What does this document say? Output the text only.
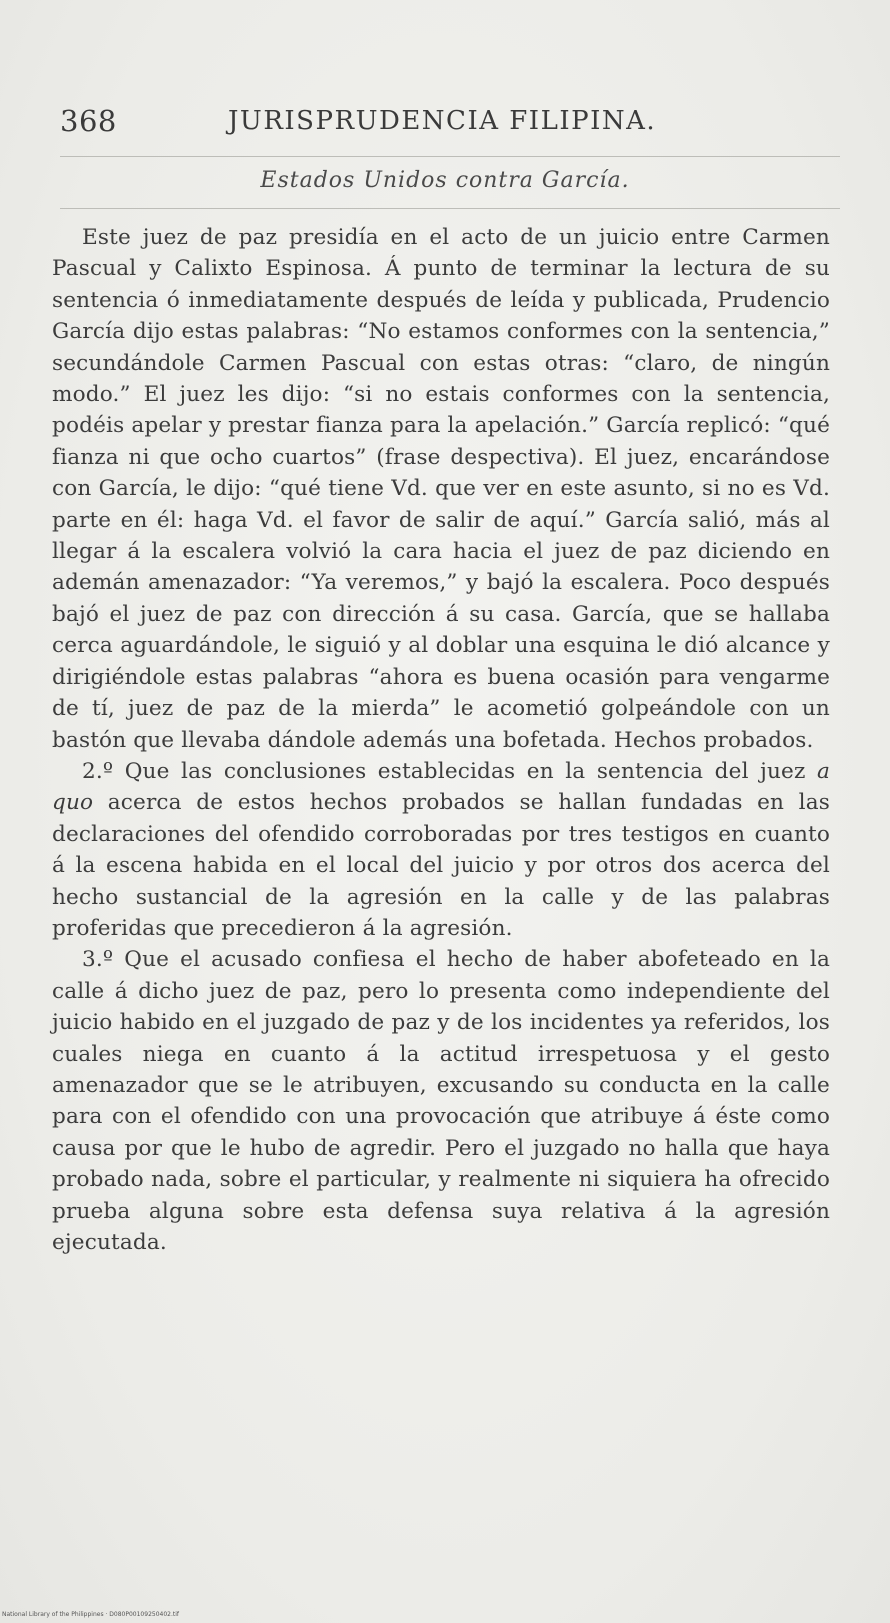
368	JURISPRUDENCIA FILIPINA.
Estados Unidos contra García.

Este juez de paz presidía en el acto de un juicio entre Carmen Pascual y Calixto Espinosa. Á punto de terminar la lectura de su sentencia ó inmediatamente después de leída y publicada, Prudencio García dijo estas palabras: “No estamos conformes con la sentencia,” secundándole Carmen Pascual con estas otras: “claro, de ningún modo.” El juez les dijo: “si no estais conformes con la sentencia, podéis apelar y prestar fianza para la apelación.” García replicó: “qué fianza ni que ocho cuartos” (frase despectiva). El juez, encarándose con García, le dijo: “qué tiene Vd. que ver en este asunto, si no es Vd. parte en él: haga Vd. el favor de salir de aquí.” García salió, más al llegar á la escalera volvió la cara hacia el juez de paz diciendo en ademán amenazador: “Ya veremos,” y bajó la escalera. Poco después bajó el juez de paz con dirección á su casa. García, que se hallaba cerca aguardándole, le siguió y al doblar una esquina le dió alcance y dirigiéndole estas palabras “ahora es buena ocasión para vengarme de tí, juez de paz de la mierda” le acometió golpeándole con un bastón que llevaba dándole además una bofetada. Hechos probados.

2.º Que las conclusiones establecidas en la sentencia del juez a quo acerca de estos hechos probados se hallan fundadas en las declaraciones del ofendido corroboradas por tres testigos en cuanto á la escena habida en el local del juicio y por otros dos acerca del hecho sustancial de la agresión en la calle y de las palabras proferidas que precedieron á la agresión.

3.º Que el acusado confiesa el hecho de haber abofeteado en la calle á dicho juez de paz, pero lo presenta como independiente del juicio habido en el juzgado de paz y de los incidentes ya referidos, los cuales niega en cuanto á la actitud irrespetuosa y el gesto amenazador que se le atribuyen, excusando su conducta en la calle para con el ofendido con una provocación que atribuye á éste como causa por que le hubo de agredir. Pero el juzgado no halla que haya probado nada, sobre el particular, y realmente ni siquiera ha ofrecido prueba alguna sobre esta defensa suya relativa á la agresión ejecutada.

National Library of the Philippines · D080P00109250402.tif
